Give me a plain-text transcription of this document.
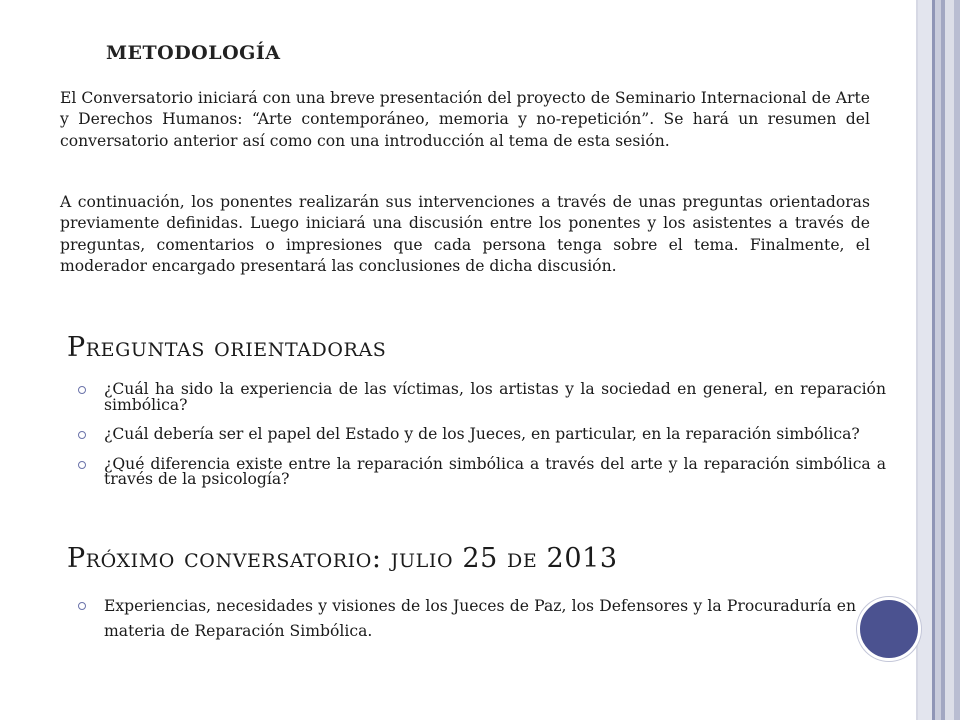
METODOLOGÍA

El Conversatorio iniciará con una breve presentación del proyecto de Seminario Internacional de Arte y Derechos Humanos: “Arte contemporáneo, memoria y no-repetición”. Se hará un resumen del conversatorio anterior así como con una introducción al tema de esta sesión.

A continuación, los ponentes realizarán sus intervenciones a través de unas preguntas orientadoras previamente definidas. Luego iniciará una discusión entre los ponentes y los asistentes a través de preguntas, comentarios o impresiones que cada persona tenga sobre el tema. Finalmente, el moderador encargado presentará las conclusiones de dicha discusión.

Preguntas orientadoras
¿Cuál ha sido la experiencia de las víctimas, los artistas y la sociedad en general, en reparación simbólica?
¿Cuál debería ser el papel del Estado y de los Jueces, en particular, en la reparación simbólica?
¿Qué diferencia existe entre la reparación simbólica a través del arte y la reparación simbólica a través de la psicología?
Próximo conversatorio: julio 25 de 2013
Experiencias, necesidades y visiones de los Jueces de Paz, los Defensores y la Procuraduría en materia de Reparación Simbólica.
